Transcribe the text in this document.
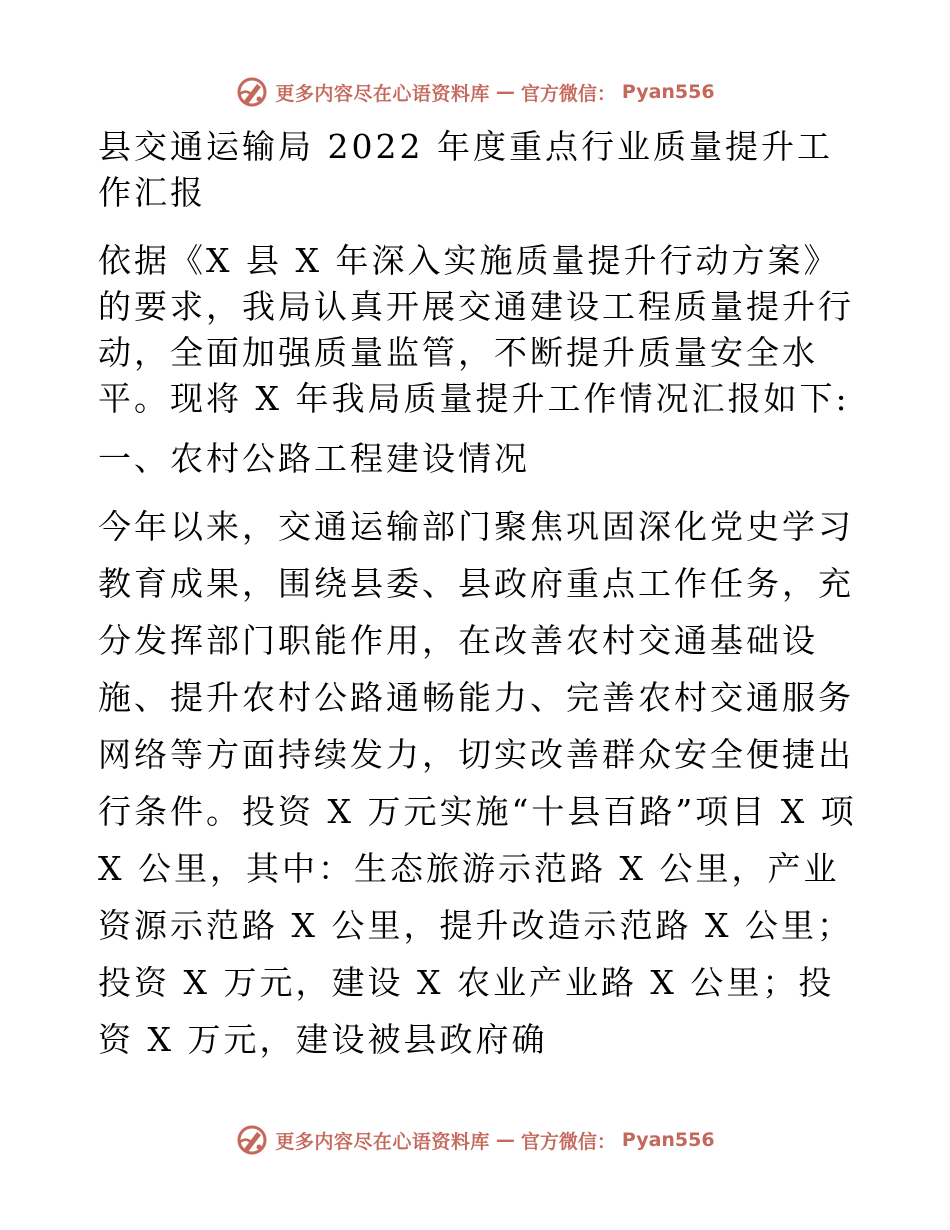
更多内容尽在心语资料库 — 官方微信： Pyan556

县交通运输局 2022 年度重点行业质量提升工作汇报

依据《X 县 X 年深入实施质量提升行动方案》的要求，我局认真开展交通建设工程质量提升行动，全面加强质量监管，不断提升质量安全水平。现将 X 年我局质量提升工作情况汇报如下:

一、农村公路工程建设情况

今年以来，交通运输部门聚焦巩固深化党史学习教育成果，围绕县委、县政府重点工作任务，充分发挥部门职能作用，在改善农村交通基础设施、提升农村公路通畅能力、完善农村交通服务网络等方面持续发力，切实改善群众安全便捷出行条件。投资 X 万元实施“十县百路”项目 X 项 X 公里，其中：生态旅游示范路 X 公里，产业资源示范路 X 公里，提升改造示范路 X 公里；投资 X 万元，建设 X 农业产业路 X 公里；投资 X 万元，建设被县政府确

更多内容尽在心语资料库 — 官方微信： Pyan556
